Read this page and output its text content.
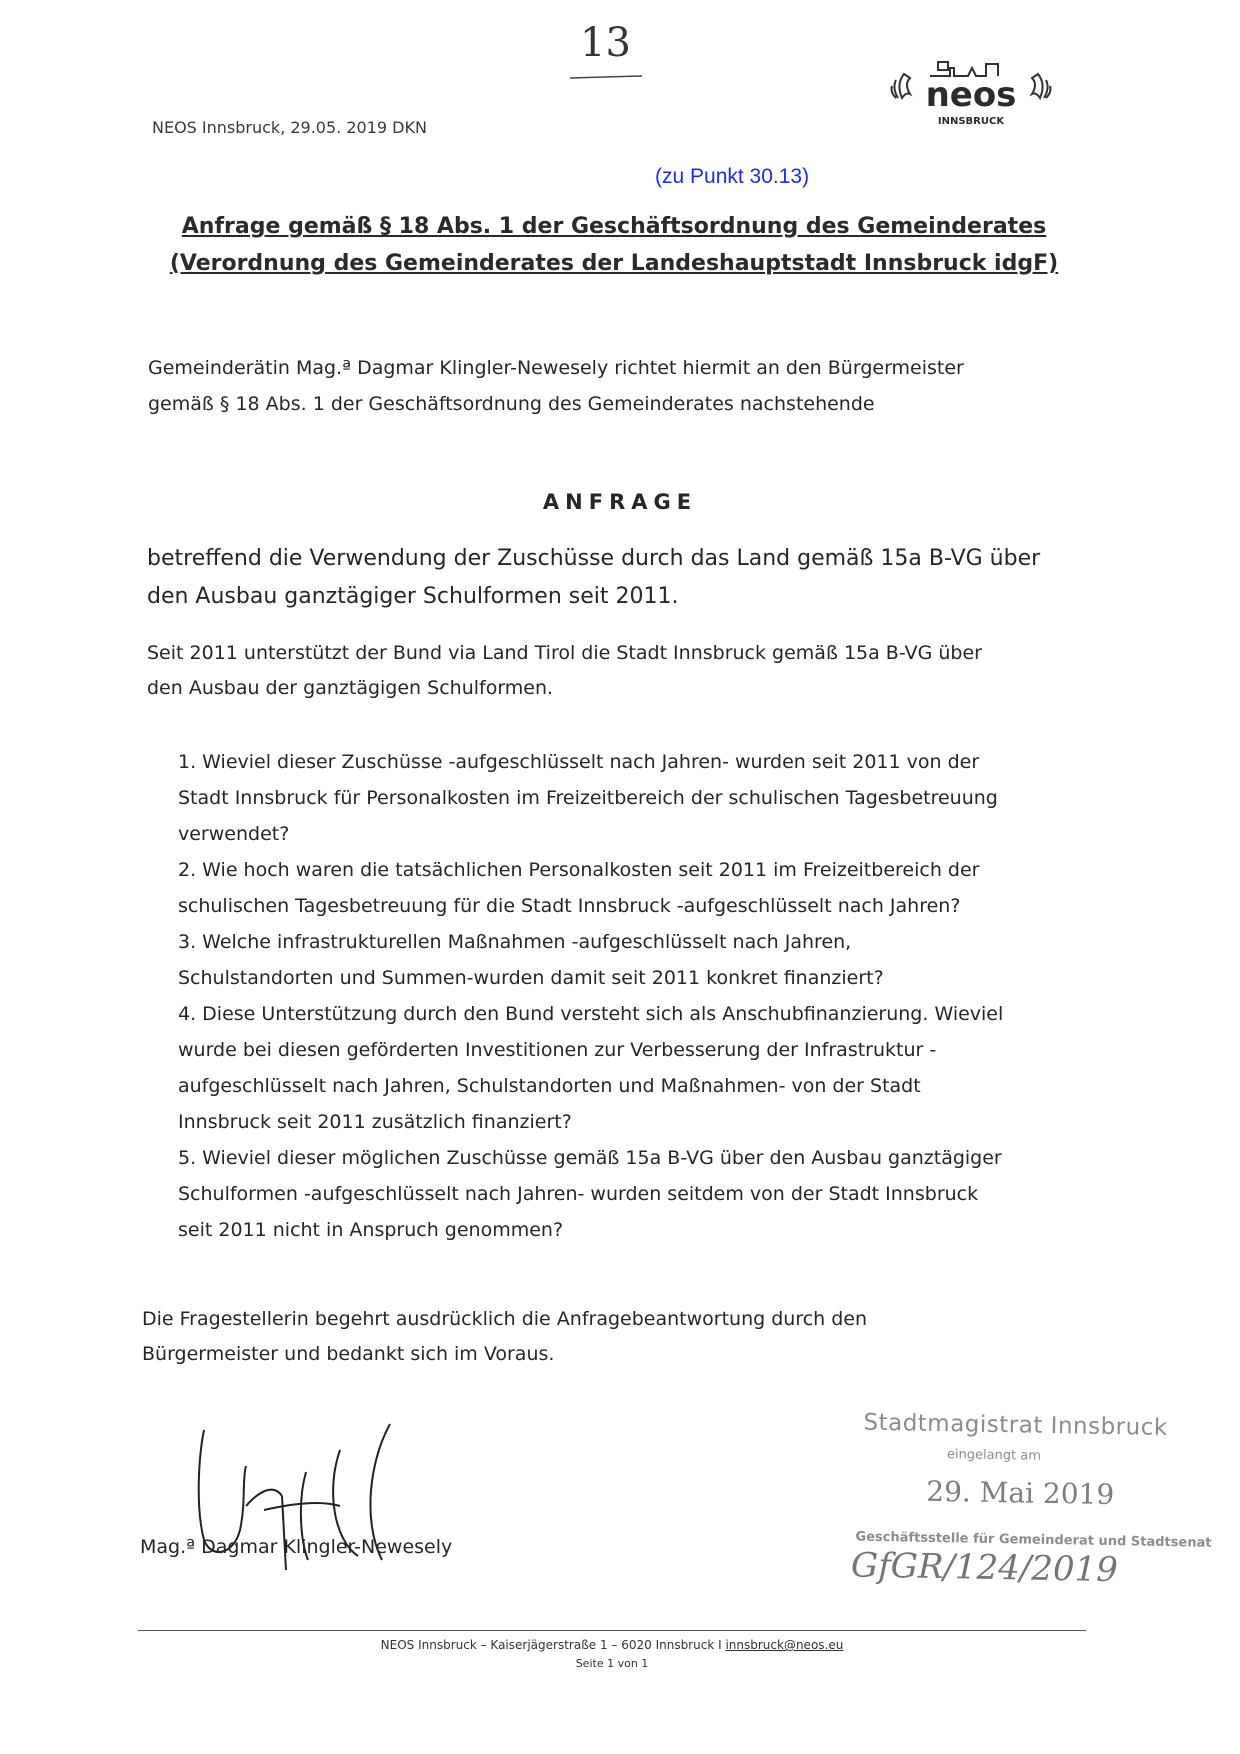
13
NEOS Innsbruck, 29.05. 2019 DKN
neos
INNSBRUCK
(zu Punkt 30.13)
Anfrage gemäß § 18 Abs. 1 der Geschäftsordnung des Gemeinderates
(Verordnung des Gemeinderates der Landeshauptstadt Innsbruck idgF)
Gemeinderätin Mag.ª Dagmar Klingler-Newesely richtet hiermit an den Bürgermeister
gemäß § 18 Abs. 1 der Geschäftsordnung des Gemeinderates nachstehende
ANFRAGE
betreffend die Verwendung der Zuschüsse durch das Land gemäß 15a B-VG über
den Ausbau ganztägiger Schulformen seit 2011.
Seit 2011 unterstützt der Bund via Land Tirol die Stadt Innsbruck gemäß 15a B-VG über
den Ausbau der ganztägigen Schulformen.
1. Wieviel dieser Zuschüsse -aufgeschlüsselt nach Jahren- wurden seit 2011 von der
Stadt Innsbruck für Personalkosten im Freizeitbereich der schulischen Tagesbetreuung
verwendet?
2. Wie hoch waren die tatsächlichen Personalkosten seit 2011 im Freizeitbereich der
schulischen Tagesbetreuung für die Stadt Innsbruck -aufgeschlüsselt nach Jahren?
3. Welche infrastrukturellen Maßnahmen -aufgeschlüsselt nach Jahren,
Schulstandorten und Summen-wurden damit seit 2011 konkret finanziert?
4. Diese Unterstützung durch den Bund versteht sich als Anschubfinanzierung. Wieviel
wurde bei diesen geförderten Investitionen zur Verbesserung der Infrastruktur -
aufgeschlüsselt nach Jahren, Schulstandorten und Maßnahmen- von der Stadt
Innsbruck seit 2011 zusätzlich finanziert?
5. Wieviel dieser möglichen Zuschüsse gemäß 15a B-VG über den Ausbau ganztägiger
Schulformen -aufgeschlüsselt nach Jahren- wurden seitdem von der Stadt Innsbruck
seit 2011 nicht in Anspruch genommen?
Die Fragestellerin begehrt ausdrücklich die Anfragebeantwortung durch den
Bürgermeister und bedankt sich im Voraus.
Mag.ª Dagmar Klingler-Newesely
Stadtmagistrat Innsbruck
eingelangt am
29. Mai 2019
Geschäftsstelle für Gemeinderat und Stadtsenat
GfGR/124/2019
NEOS Innsbruck – Kaiserjägerstraße 1 – 6020 Innsbruck I innsbruck@neos.eu
Seite 1 von 1
